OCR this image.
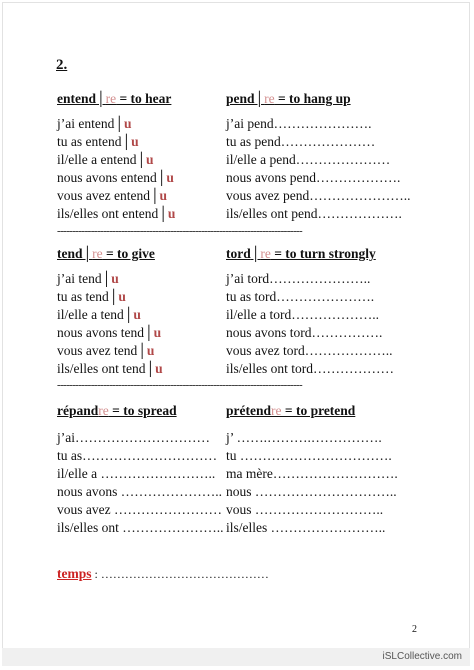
2.
entend│re = to hear
j’ai entend│u
tu as entend│u
il/elle a entend│u
nous avons entend│u
vous avez entend│u
ils/elles ont entend│u
pend│re = to hang up
j’ai pend………………….
tu as pend…………………
il/elle a pend…………………
nous avons pend……………….
vous avez pend…………………..
ils/elles ont pend……………….
tend│re = to give
j’ai tend│u
tu as tend│u
il/elle a tend│u
nous avons tend│u
vous avez tend│u
ils/elles ont tend│u
tord│re = to turn strongly
j’ai tord…………………..
tu as tord………………….
il/elle a tord………………..
nous avons tord…………….
vous avez tord………………..
ils/elles ont tord………………
répandre = to spread
j’ai…………………………
tu as…………………………
il/elle a ……………………..
nous avons …………………..
vous avez ……………………
ils/elles ont …………………..
prétendre = to pretend
j’ …….……….…………….
tu …………………………….
ma mère……………………….
nous …………………………..
vous ………………………..
ils/elles ……………………..
--------------------------------------------------------------------------------
--------------------------------------------------------------------------------
temps : ……………………………………
2
iSLCollective.com
